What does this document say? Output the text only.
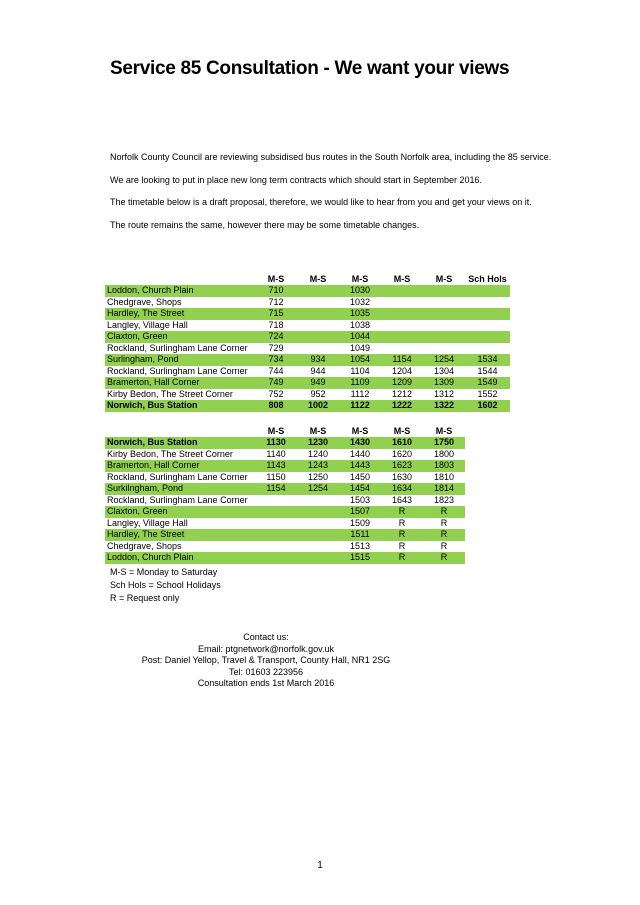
Service 85 Consultation - We want your views

Norfolk County Council are reviewing subsidised bus routes in the South Norfolk area, including the 85 service.

We are looking to put in place new long term contracts which should start in September 2016.

The timetable below is a draft proposal, therefore, we would like to hear from you and get your views on it.

The route remains the same, however there may be some timetable changes.

	M-S	M-S	M-S	M-S	M-S	Sch Hols
Loddon, Church Plain	710		1030			
Chedgrave, Shops	712		1032			
Hardley, The Street	715		1035			
Langley, Village Hall	718		1038			
Claxton, Green	724		1044			
Rockland, Surlingham Lane Corner	729		1049			
Surlingham, Pond	734	934	1054	1154	1254	1534
Rockland, Surlingham Lane Corner	744	944	1104	1204	1304	1544
Bramerton, Hall Corner	749	949	1109	1209	1309	1549
Kirby Bedon, The Street Corner	752	952	1112	1212	1312	1552
Norwich, Bus Station	808	1002	1122	1222	1322	1602
	M-S	M-S	M-S	M-S	M-S
Norwich, Bus Station	1130	1230	1430	1610	1750
Kirby Bedon, The Street Corner	1140	1240	1440	1620	1800
Bramerton, Hall Corner	1143	1243	1443	1623	1803
Rockland, Surlingham Lane Corner	1150	1250	1450	1630	1810
Surkilngham, Pond	1154	1254	1454	1634	1814
Rockland, Surlingham Lane Corner			1503	1643	1823
Claxton, Green			1507	R	R
Langley, Village Hall			1509	R	R
Hardley, The Street			1511	R	R
Chedgrave, Shops			1513	R	R
Loddon, Church Plain			1515	R	R
M-S = Monday to Saturday
Sch Hols = School Holidays
R = Request only
Contact us:
Email: ptgnetwork@norfolk.gov.uk
Post: Daniel Yellop, Travel & Transport, County Hall, NR1 2SG
Tel: 01603 223956
Consultation ends 1st March 2016
1
